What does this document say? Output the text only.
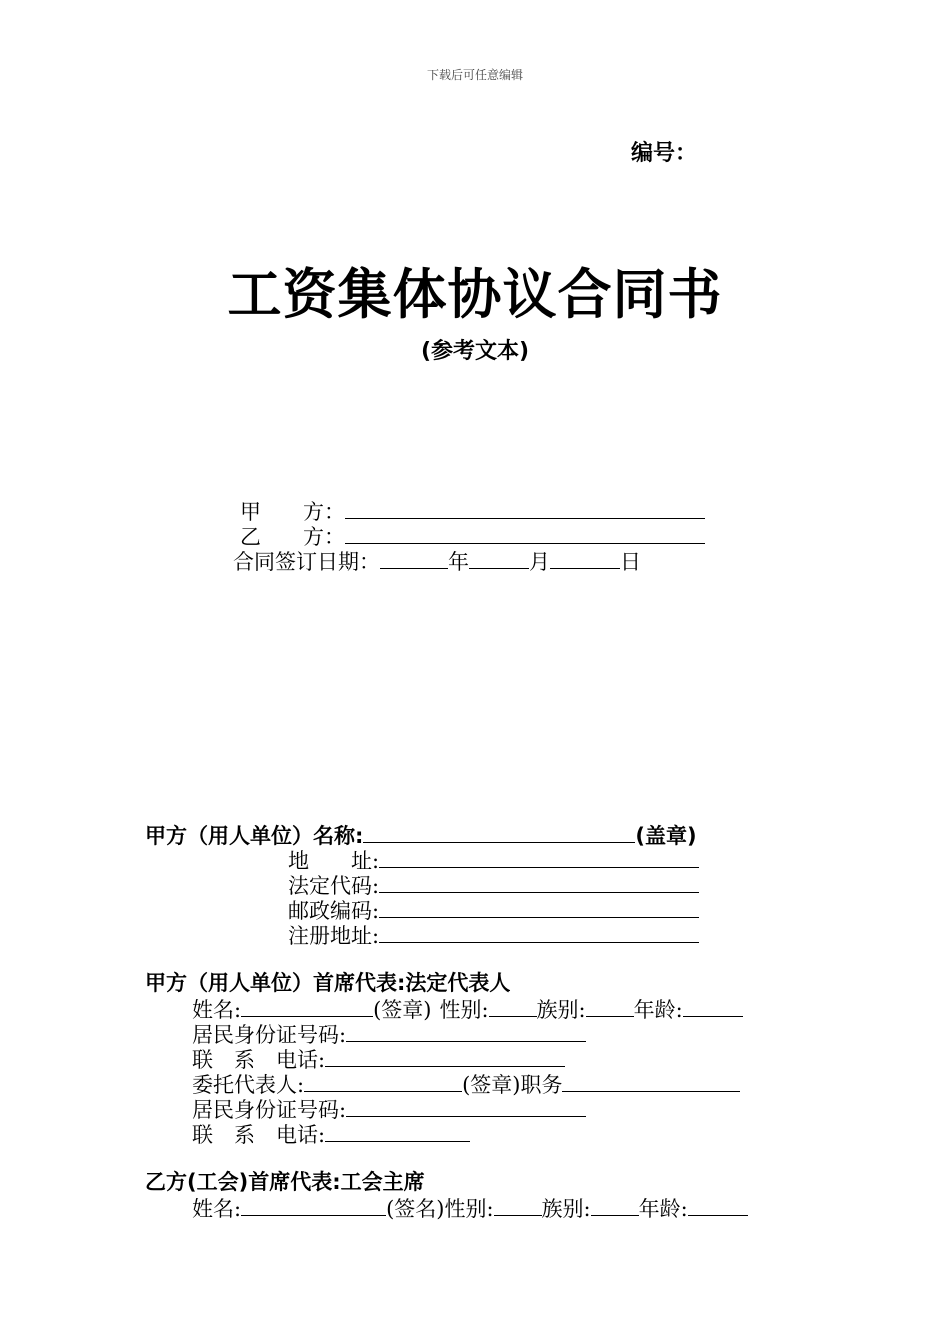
下载后可任意编辑
编号：
工资集体协议合同书
(参考文本)
甲　　方：
乙　　方：
合同签订日期：	年	月	日
甲方（用人单位）名称:	(盖章)
地　　址:
法定代码:
邮政编码:
注册地址:
甲方（用人单位）首席代表:法定代表人
姓名:	(签章) 性别: 族别: 年龄:
居民身份证号码:
联　系　电话:
委托代表人:	(签章)职务
居民身份证号码:
联　系　电话:
乙方(工会)首席代表:工会主席
姓名:	(签名)性别: 族别: 年龄:
